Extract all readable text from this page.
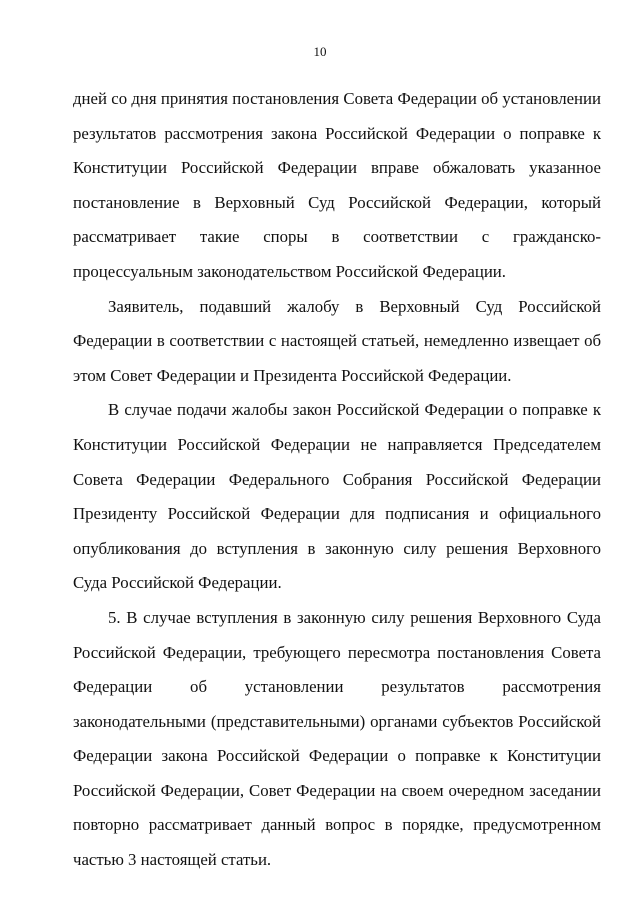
10

дней со дня принятия постановления Совета Федерации об установлении результатов рассмотрения закона Российской Федерации о поправке к Конституции Российской Федерации вправе обжаловать указанное постановление в Верховный Суд Российской Федерации, который рассматривает такие споры в соответствии с гражданско-процессуальным законодательством Российской Федерации.

Заявитель, подавший жалобу в Верховный Суд Российской Федерации в соответствии с настоящей статьей, немедленно извещает об этом Совет Федерации и Президента Российской Федерации.

В случае подачи жалобы закон Российской Федерации о поправке к Конституции Российской Федерации не направляется Председателем Совета Федерации Федерального Собрания Российской Федерации Президенту Российской Федерации для подписания и официального опубликования до вступления в законную силу решения Верховного Суда Российской Федерации.

5. В случае вступления в законную силу решения Верховного Суда Российской Федерации, требующего пересмотра постановления Совета Федерации об установлении результатов рассмотрения законодательными (представительными) органами субъектов Российской Федерации закона Российской Федерации о поправке к Конституции Российской Федерации, Совет Федерации на своем очередном заседании повторно рассматривает данный вопрос в порядке, предусмотренном частью 3 настоящей статьи.
